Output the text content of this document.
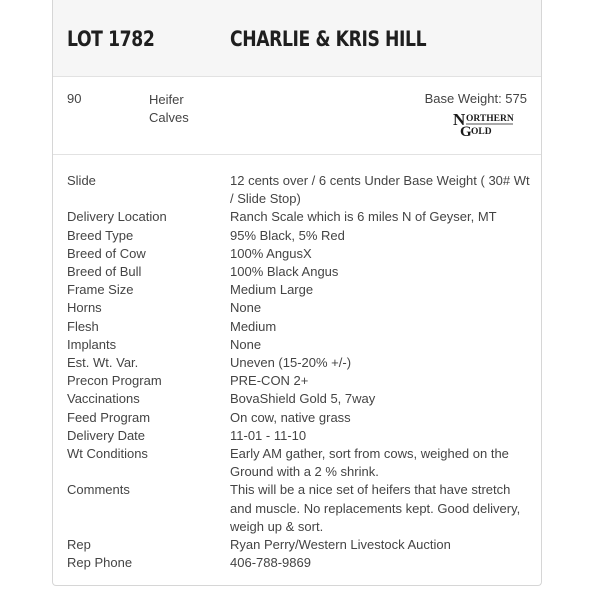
LOT 1782	CHARLIE & KRIS HILL
90	Heifer Calves
Base Weight: 575
N ORTHERN
G OLD
Slide	12 cents over / 6 cents Under Base Weight ( 30# Wt / Slide Stop)
Delivery Location	Ranch Scale which is 6 miles N of Geyser, MT
Breed Type	95% Black, 5% Red
Breed of Cow	100% AngusX
Breed of Bull	100% Black Angus
Frame Size	Medium Large
Horns	None
Flesh	Medium
Implants	None
Est. Wt. Var.	Uneven (15-20% +/-)
Precon Program	PRE-CON 2+
Vaccinations	BovaShield Gold 5, 7way
Feed Program	On cow, native grass
Delivery Date	11-01 - 11-10
Wt Conditions	Early AM gather, sort from cows, weighed on the Ground with a 2 % shrink.
Comments	This will be a nice set of heifers that have stretch and muscle. No replacements kept. Good delivery, weigh up & sort.
Rep	Ryan Perry/Western Livestock Auction
Rep Phone	406-788-9869
